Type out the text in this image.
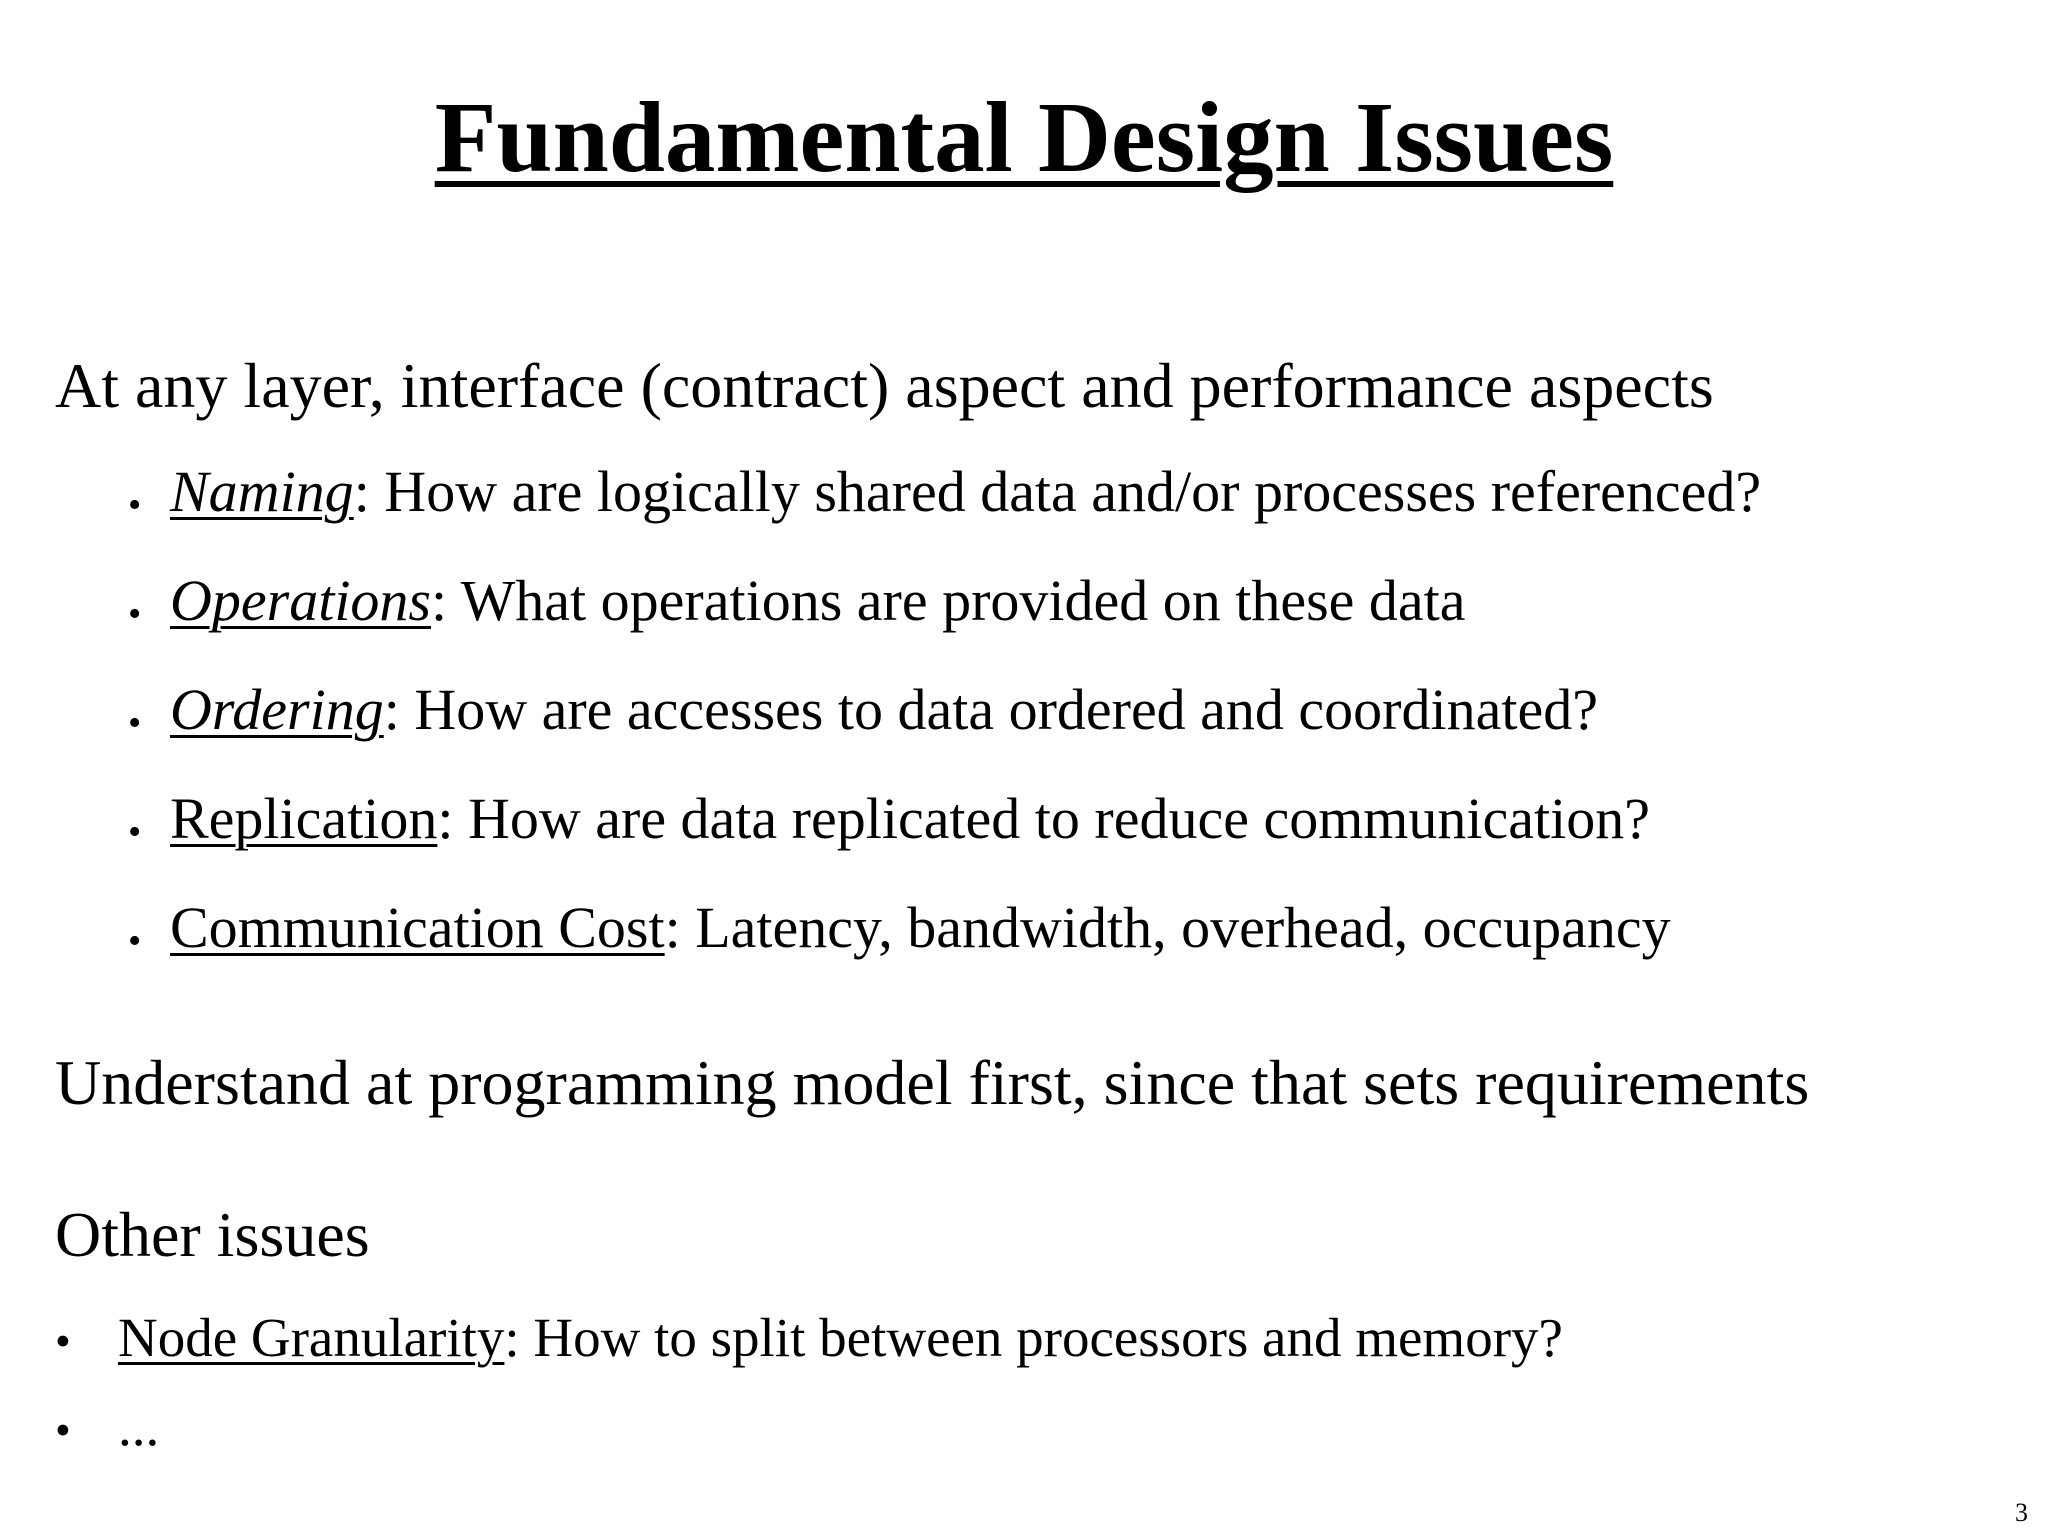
Fundamental Design Issues
At any layer, interface (contract) aspect and performance aspects
• Naming: How are logically shared data and/or processes referenced?
• Operations: What operations are provided on these data
• Ordering: How are accesses to data ordered and coordinated?
• Replication: How are data replicated to reduce communication?
• Communication Cost: Latency, bandwidth, overhead, occupancy
Understand at programming model first, since that sets requirements
Other issues
• Node Granularity: How to split between processors and memory?
• ...
3
